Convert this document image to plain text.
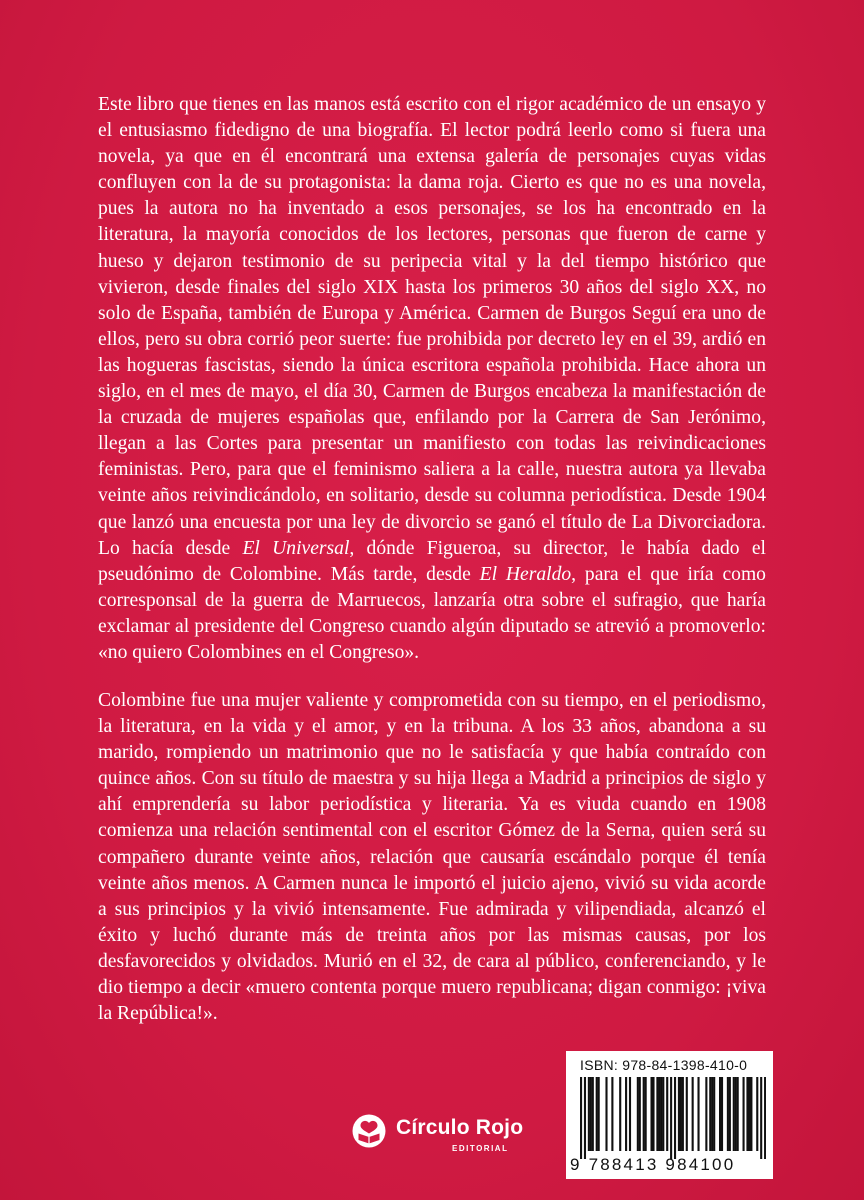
Este libro que tienes en las manos está escrito con el rigor académico de un ensayo y el entusiasmo fidedigno de una biografía. El lector podrá leerlo como si fuera una novela, ya que en él encontrará una extensa galería de personajes cuyas vidas confluyen con la de su protagonista: la dama roja. Cierto es que no es una novela, pues la autora no ha inventado a esos personajes, se los ha encontrado en la literatura, la mayoría conocidos de los lectores, personas que fueron de carne y hueso y dejaron testimonio de su peripecia vital y la del tiempo histórico que vivieron, desde finales del siglo XIX hasta los primeros 30 años del siglo XX, no solo de España, también de Europa y América. Carmen de Burgos Seguí era uno de ellos, pero su obra corrió peor suerte: fue prohibida por decreto ley en el 39, ardió en las hogueras fascistas, siendo la única escritora española prohibida. Hace ahora un siglo, en el mes de mayo, el día 30, Carmen de Burgos encabeza la manifestación de la cruzada de mujeres españolas que, enfilando por la Carrera de San Jerónimo, llegan a las Cortes para presentar un manifiesto con todas las reivindicaciones feministas. Pero, para que el feminismo saliera a la calle, nuestra autora ya llevaba veinte años reivindicándolo, en solitario, desde su columna periodística. Desde 1904 que lanzó una encuesta por una ley de divorcio se ganó el título de La Divorciadora. Lo hacía desde El Universal, dónde Figueroa, su director, le había dado el pseudónimo de Colombine. Más tarde, desde El Heraldo, para el que iría como corresponsal de la guerra de Marruecos, lanzaría otra sobre el sufragio, que haría exclamar al presidente del Congreso cuando algún diputado se atrevió a promoverlo: «no quiero Colombines en el Congreso».

Colombine fue una mujer valiente y comprometida con su tiempo, en el periodismo, la literatura, en la vida y el amor, y en la tribuna. A los 33 años, abandona a su marido, rompiendo un matrimonio que no le satisfacía y que había contraído con quince años. Con su título de maestra y su hija llega a Madrid a principios de siglo y ahí emprendería su labor periodística y literaria. Ya es viuda cuando en 1908 comienza una relación sentimental con el escritor Gómez de la Serna, quien será su compañero durante veinte años, relación que causaría escándalo porque él tenía veinte años menos. A Carmen nunca le importó el juicio ajeno, vivió su vida acorde a sus principios y la vivió intensamente. Fue admirada y vilipendiada, alcanzó el éxito y luchó durante más de treinta años por las mismas causas, por los desfavorecidos y olvidados. Murió en el 32, de cara al público, conferenciando, y le dio tiempo a decir «muero contenta porque muero republicana; digan conmigo: ¡viva la República!».

Círculo Rojo
EDITORIAL
ISBN: 978-84-1398-410-0
9 788413 984100
